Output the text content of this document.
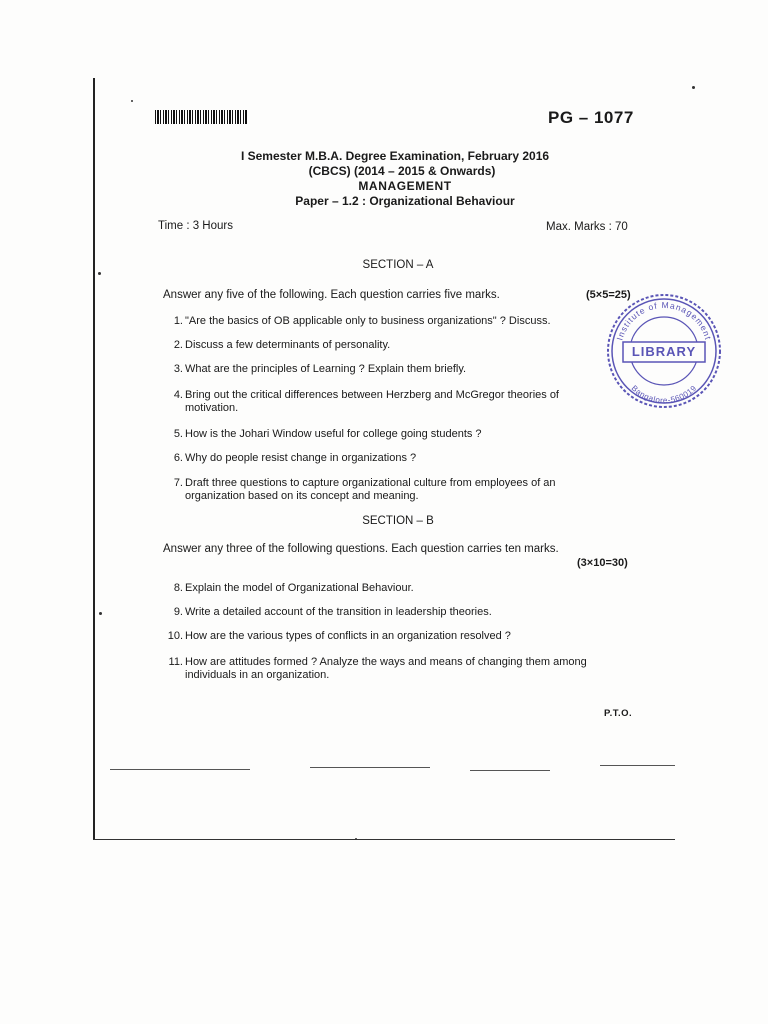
PG – 1077
I Semester M.B.A. Degree Examination, February 2016
(CBCS) (2014 – 2015 & Onwards)
MANAGEMENT
Paper – 1.2 : Organizational Behaviour
Time : 3 Hours	Max. Marks : 70
SECTION – A
Answer any five of the following. Each question carries five marks.	(5×5=25)
1. "Are the basics of OB applicable only to business organizations" ? Discuss.
2. Discuss a few determinants of personality.
3. What are the principles of Learning ? Explain them briefly.
4. Bring out the critical differences between Herzberg and McGregor theories of motivation.
5. How is the Johari Window useful for college going students ?
6. Why do people resist change in organizations ?
7. Draft three questions to capture organizational culture from employees of an organization based on its concept and meaning.
SECTION – B
Answer any three of the following questions. Each question carries ten marks.
(3×10=30)
8. Explain the model of Organizational Behaviour.
9. Write a detailed account of the transition in leadership theories.
10. How are the various types of conflicts in an organization resolved ?
11. How are attitudes formed ? Analyze the ways and means of changing them among individuals in an organization.
P.T.O.
Institute of Management
Bangalore-560019
LIBRARY
